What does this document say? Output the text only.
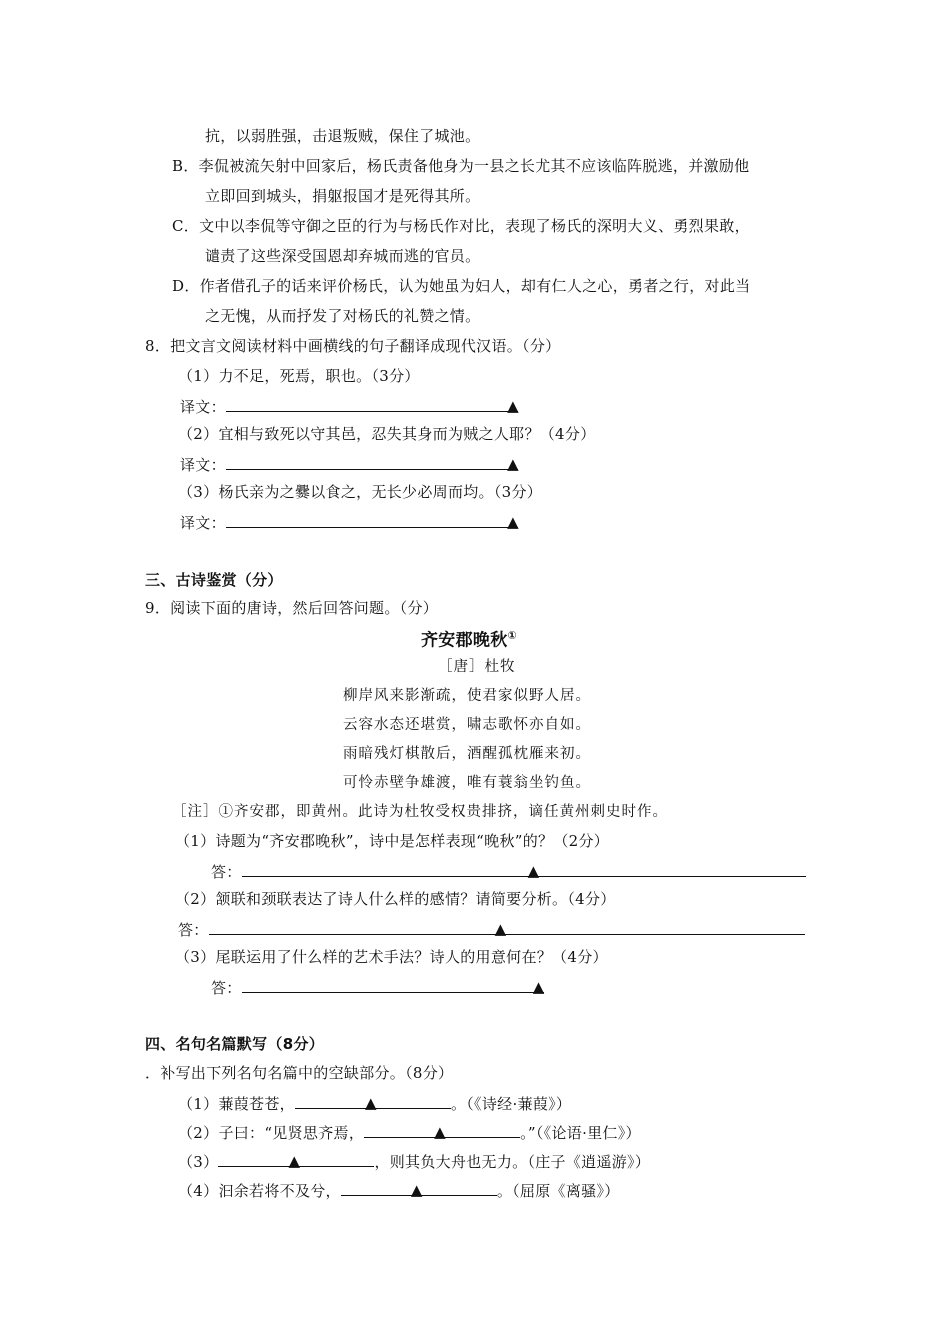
抗，以弱胜强，击退叛贼，保住了城池。
B．李侃被流矢射中回家后，杨氏责备他身为一县之长尤其不应该临阵脱逃，并激励他
立即回到城头，捐躯报国才是死得其所。
C．文中以李侃等守御之臣的行为与杨氏作对比，表现了杨氏的深明大义、勇烈果敢，
谴责了这些深受国恩却弃城而逃的官员。
D．作者借孔子的话来评价杨氏，认为她虽为妇人，却有仁人之心，勇者之行，对此当
之无愧，从而抒发了对杨氏的礼赞之情。
8．把文言文阅读材料中画横线的句子翻译成现代汉语。（分）
（1）力不足，死焉，职也。（3分）
译文：	▲
（2）宜相与致死以守其邑，忍失其身而为贼之人耶？（4分）
译文：	▲
（3）杨氏亲为之爨以食之，无长少必周而均。（3分）
译文：	▲
三、古诗鉴赏（分）
9．阅读下面的唐诗，然后回答问题。（分）
齐安郡晚秋①
［唐］杜牧
柳岸风来影渐疏，使君家似野人居。
云容水态还堪赏，啸志歌怀亦自如。
雨暗残灯棋散后，酒醒孤枕雁来初。
可怜赤壁争雄渡，唯有蓑翁坐钓鱼。
［注］①齐安郡，即黄州。此诗为杜牧受权贵排挤，谪任黄州刺史时作。
（1）诗题为“齐安郡晚秋”，诗中是怎样表现“晚秋”的？（2分）
答：	▲
（2）颔联和颈联表达了诗人什么样的感情？请简要分析。（4分）
答：	▲
（3）尾联运用了什么样的艺术手法？诗人的用意何在？（4分）
答：	▲
四、名句名篇默写（8分）
．补写出下列名句名篇中的空缺部分。（8分）
（1）蒹葭苍苍，	▲	。（《诗经·蒹葭》）
（2）子曰：“见贤思齐焉，	▲	。”（《论语·里仁》）
（3）	▲	，则其负大舟也无力。（庄子《逍遥游》）
（4）汩余若将不及兮，	▲	。（屈原《离骚》）
